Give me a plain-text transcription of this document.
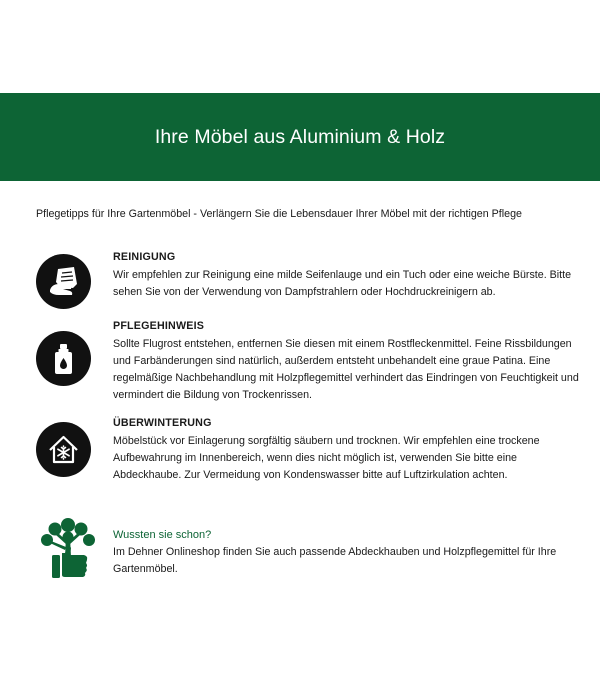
Ihre Möbel aus Aluminium & Holz
Pflegetipps für Ihre Gartenmöbel - Verlängern Sie die Lebensdauer Ihrer Möbel mit der richtigen Pflege
REINIGUNG

Wir empfehlen zur Reinigung eine milde Seifenlauge und ein Tuch oder eine weiche Bürste. Bitte sehen Sie von der Verwendung von Dampfstrahlern oder Hochdruckreinigern ab.

PFLEGEHINWEIS

Sollte Flugrost entstehen, entfernen Sie diesen mit einem Rostfleckenmittel. Feine Rissbildungen und Farbänderungen sind natürlich, außerdem entsteht unbehandelt eine graue Patina. Eine regelmäßige Nachbehandlung mit Holzpflegemittel verhindert das Eindringen von Feuchtigkeit und vermindert die Bildung von Trockenrissen.

ÜBERWINTERUNG

Möbelstück vor Einlagerung sorgfältig säubern und trocknen. Wir empfehlen eine trockene Aufbewahrung im Innenbereich, wenn dies nicht möglich ist, verwenden Sie bitte eine Abdeckhaube. Zur Vermeidung von Kondenswasser bitte auf Luftzirkulation achten.

Wussten sie schon?

Im Dehner Onlineshop finden Sie auch passende Abdeckhauben und Holzpflegemittel für Ihre Gartenmöbel.
